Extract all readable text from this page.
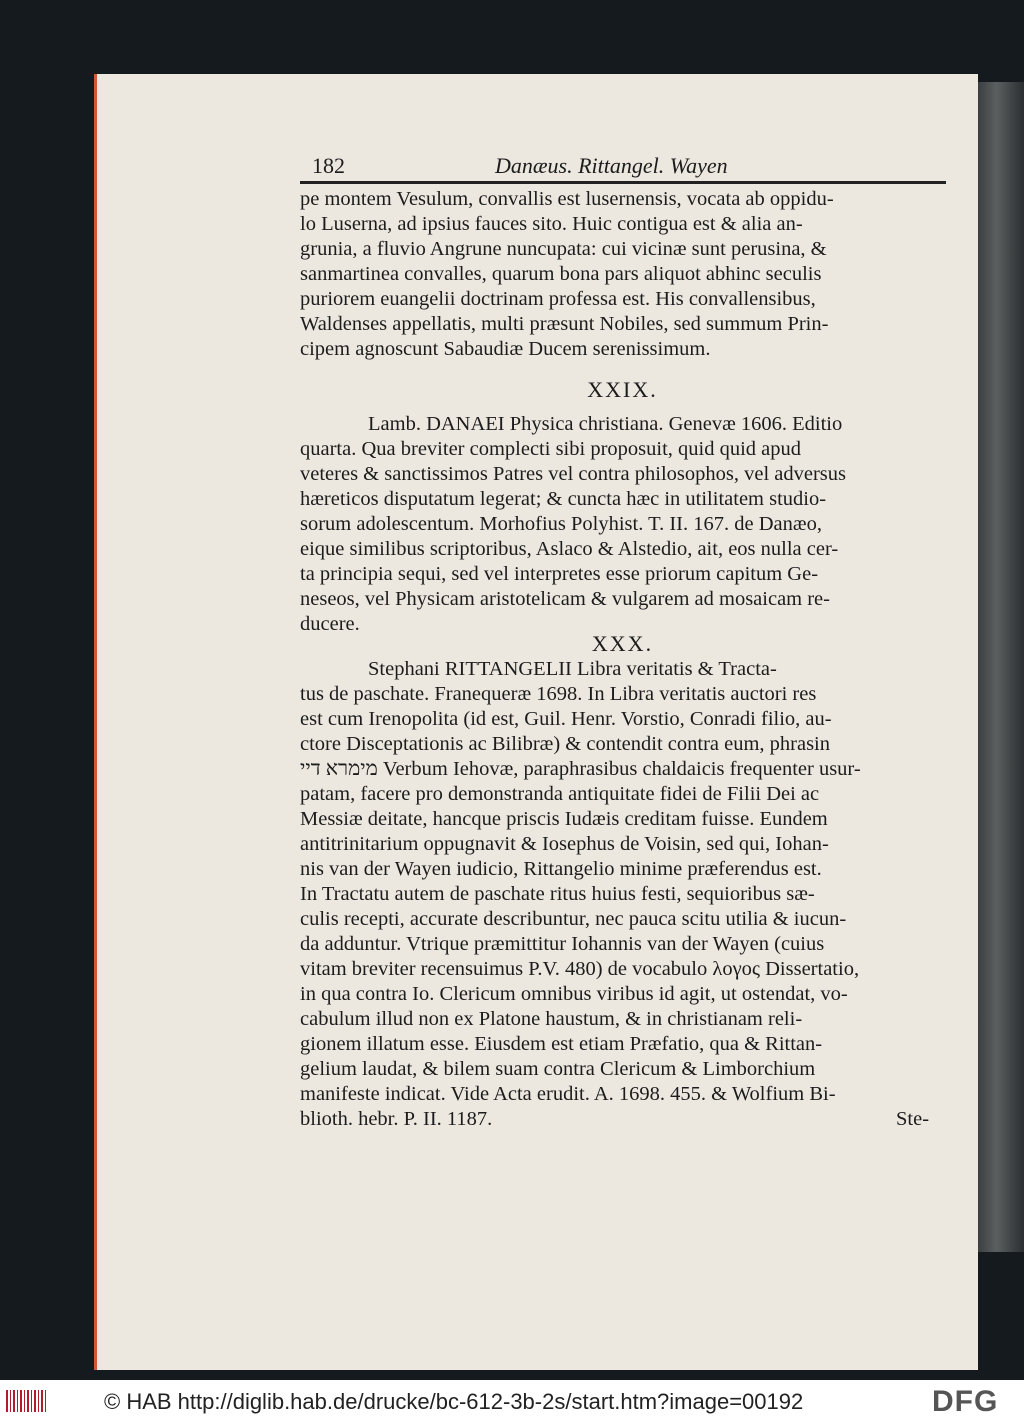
182	Danæus. Rittangel. Wayen
pe montem Vesulum, convallis est lusernensis, vocata ab oppidu-
lo Luserna, ad ipsius fauces sito. Huic contigua est & alia an-
grunia, a fluvio Angrune nuncupata: cui vicinæ sunt perusina, &
sanmartinea convalles, quarum bona pars aliquot abhinc seculis
puriorem euangelii doctrinam professa est. His convallensibus,
Waldenses appellatis, multi præsunt Nobiles, sed summum Prin-
cipem agnoscunt Sabaudiæ Ducem serenissimum.
XXIX.
Lamb. DANAEI Physica christiana. Genevæ 1606. Editio
quarta. Qua breviter complecti sibi proposuit, quid quid apud
veteres & sanctissimos Patres vel contra philosophos, vel adversus
hæreticos disputatum legerat; & cuncta hæc in utilitatem studio-
sorum adolescentum. Morhofius Polyhist. T. II. 167. de Danæo,
eique similibus scriptoribus, Aslaco & Alstedio, ait, eos nulla cer-
ta principia sequi, sed vel interpretes esse priorum capitum Ge-
neseos, vel Physicam aristotelicam & vulgarem ad mosaicam re-
ducere.
XXX.
Stephani RITTANGELII Libra veritatis & Tracta-
tus de paschate. Franequeræ 1698. In Libra veritatis auctori res
est cum Irenopolita (id est, Guil. Henr. Vorstio, Conradi filio, au-
ctore Disceptationis ac Bilibræ) & contendit contra eum, phrasin
מימרא דיי Verbum Iehovæ, paraphrasibus chaldaicis frequenter usur-
patam, facere pro demonstranda antiquitate fidei de Filii Dei ac
Messiæ deitate, hancque priscis Iudæis creditam fuisse. Eundem
antitrinitarium oppugnavit & Iosephus de Voisin, sed qui, Iohan-
nis van der Wayen iudicio, Rittangelio minime præferendus est.
In Tractatu autem de paschate ritus huius festi, sequioribus sæ-
culis recepti, accurate describuntur, nec pauca scitu utilia & iucun-
da adduntur. Vtrique præmittitur Iohannis van der Wayen (cuius
vitam breviter recensuimus P.V. 480) de vocabulo λογος Dissertatio,
in qua contra Io. Clericum omnibus viribus id agit, ut ostendat, vo-
cabulum illud non ex Platone haustum, & in christianam reli-
gionem illatum esse. Eiusdem est etiam Præfatio, qua & Rittan-
gelium laudat, & bilem suam contra Clericum & Limborchium
manifeste indicat. Vide Acta erudit. A. 1698. 455. & Wolfium Bi-
blioth. hebr. P. II. 1187.	Ste-
© HAB http://diglib.hab.de/drucke/bc-612-3b-2s/start.htm?image=00192	DFG
